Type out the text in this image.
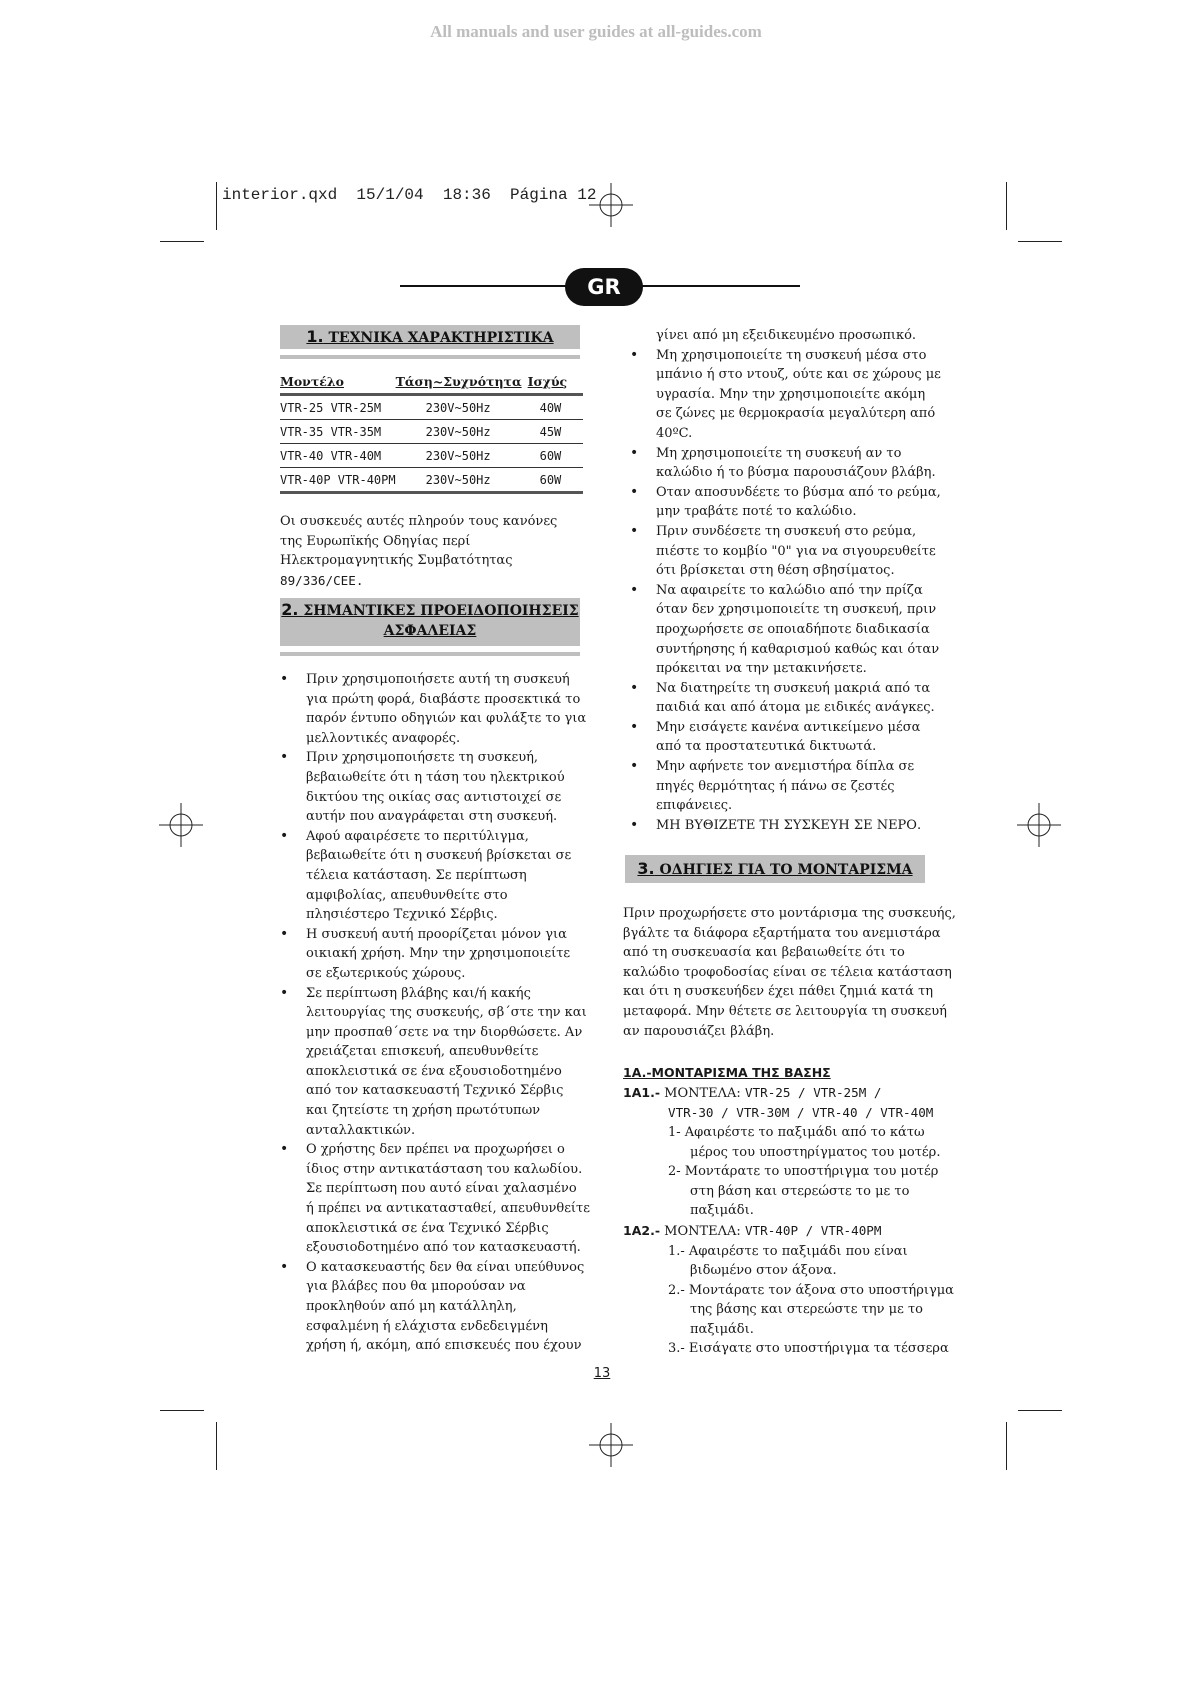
All manuals and user guides at all-guides.com
interior.qxd  15/1/04  18:36  Página 12
GR
1. ΤΕΧΝΙΚΑ ΧΑΡΑΚΤΗΡΙΣΤΙΚΑ
Μοντέλο	Τάση~Συχνότητα	Ισχύς
VTR-25 VTR-25M	230V~50Hz	40W
VTR-35 VTR-35M	230V~50Hz	45W
VTR-40 VTR-40M	230V~50Hz	60W
VTR-40P VTR-40PM	230V~50Hz	60W
Οι συσκευές αυτές πληρούν τους κανόνες
της Ευρωπϊκής Οδηγίας περί
Ηλεκτρομαγνητικής Συμβατότητας
89/336/CEE.
2. ΣΗΜΑΝΤΙΚΕΣ ΠΡΟΕΙΔΟΠΟΙΗΣΕΙΣ
ΑΣΦΑΛΕΙΑΣ
• Πριν χρησιμοποιήσετε αυτή τη συσκευή
για πρώτη φορά, διαβάστε προσεκτικά το
παρόν έντυπο οδηγιών και φυλάξτε το για
μελλοντικές αναφορές.
• Πριν χρησιμοποιήσετε τη συσκευή,
βεβαιωθείτε ότι η τάση του ηλεκτρικού
δικτύου της οικίας σας αντιστοιχεί σε
αυτήν που αναγράφεται στη συσκευή.
• Αφού αφαιρέσετε το περιτύλιγμα,
βεβαιωθείτε ότι η συσκευή βρίσκεται σε
τέλεια κατάσταση. Σε περίπτωση
αμφιβολίας, απευθυνθείτε στο
πλησιέστερο Τεχνικό Σέρβις.
• Η συσκευή αυτή προορίζεται μόνον για
οικιακή χρήση. Μην την χρησιμοποιείτε
σε εξωτερικούς χώρους.
• Σε περίπτωση βλάβης και/ή κακής
λειτουργίας της συσκευής, σβ΄στε την και
μην προσπαθ΄σετε να την διορθώσετε. Αν
χρειάζεται επισκευή, απευθυνθείτε
αποκλειστικά σε ένα εξουσιοδοτημένο
από τον κατασκευαστή Τεχνικό Σέρβις
και ζητείστε τη χρήση πρωτότυπων
ανταλλακτικών.
• Ο χρήστης δεν πρέπει να προχωρήσει ο
ίδιος στην αντικατάσταση του καλωδίου.
Σε περίπτωση που αυτό είναι χαλασμένο
ή πρέπει να αντικατασταθεί, απευθυνθείτε
αποκλειστικά σε ένα Τεχνικό Σέρβις
εξουσιοδοτημένο από τον κατασκευαστή.
• Ο κατασκευαστής δεν θα είναι υπεύθυνος
για βλάβες που θα μπορούσαν να
προκληθούν από μη κατάλληλη,
εσφαλμένη ή ελάχιστα ενδεδειγμένη
χρήση ή, ακόμη, από επισκευές που έχουν
γίνει από μη εξειδικευμένο προσωπικό.
• Μη χρησιμοποιείτε τη συσκευή μέσα στο
μπάνιο ή στο ντουζ, ούτε και σε χώρους με
υγρασία. Μην την χρησιμοποιείτε ακόμη
σε ζώνες με θερμοκρασία μεγαλύτερη από
40ºC.
• Μη χρησιμοποιείτε τη συσκευή αν το
καλώδιο ή το βύσμα παρουσιάζουν βλάβη.
• Οταν αποσυνδέετε το βύσμα από το ρεύμα,
μην τραβάτε ποτέ το καλώδιο.
• Πριν συνδέσετε τη συσκευή στο ρεύμα,
πιέστε το κομβίο "0" για να σιγουρευθείτε
ότι βρίσκεται στη θέση σβησίματος.
• Να αφαιρείτε το καλώδιο από την πρίζα
όταν δεν χρησιμοποιείτε τη συσκευή, πριν
προχωρήσετε σε οποιαδήποτε διαδικασία
συντήρησης ή καθαρισμού καθώς και όταν
πρόκειται να την μετακινήσετε.
• Να διατηρείτε τη συσκευή μακριά από τα
παιδιά και από άτομα με ειδικές ανάγκες.
• Μην εισάγετε κανένα αντικείμενο μέσα
από τα προστατευτικά δικτυωτά.
• Μην αφήνετε τον ανεμιστήρα δίπλα σε
πηγές θερμότητας ή πάνω σε ζεστές
επιφάνειες.
• ΜΗ ΒΥΘΙΖΕΤΕ ΤΗ ΣΥΣΚΕΥΗ ΣΕ ΝΕΡΟ.
3. ΟΔΗΓΙΕΣ ΓΙΑ ΤΟ ΜΟΝΤΑΡΙΣΜΑ
Πριν προχωρήσετε στο μοντάρισμα της συσκευής,
βγάλτε τα διάφορα εξαρτήματα του ανεμιστάρα
από τη συσκευασία και βεβαιωθείτε ότι το
καλώδιο τροφοδοσίας είναι σε τέλεια κατάσταση
και ότι η συσκευήδεν έχει πάθει ζημιά κατά τη
μεταφορά. Μην θέτετε σε λειτουργία τη συσκευή
αν παρουσιάζει βλάβη.
1A.-ΜΟΝΤΑΡΙΣΜΑ ΤΗΣ ΒΑΣΗΣ
1A1.- ΜΟΝΤΕΛΑ: VTR-25 / VTR-25M /
VTR-30 / VTR-30M / VTR-40 / VTR-40M
1- Αφαιρέστε το παξιμάδι από το κάτω
μέρος του υποστηρίγματος του μοτέρ.
2- Μοντάρατε το υποστήριγμα του μοτέρ
στη βάση και στερεώστε το με το
παξιμάδι.
1A2.- ΜΟΝΤΕΛΑ: VTR-40P / VTR-40PM
1.- Αφαιρέστε το παξιμάδι που είναι
βιδωμένο στον άξονα.
2.- Μοντάρατε τον άξονα στο υποστήριγμα
της βάσης και στερεώστε την με το
παξιμάδι.
3.- Εισάγατε στο υποστήριγμα τα τέσσερα
13
